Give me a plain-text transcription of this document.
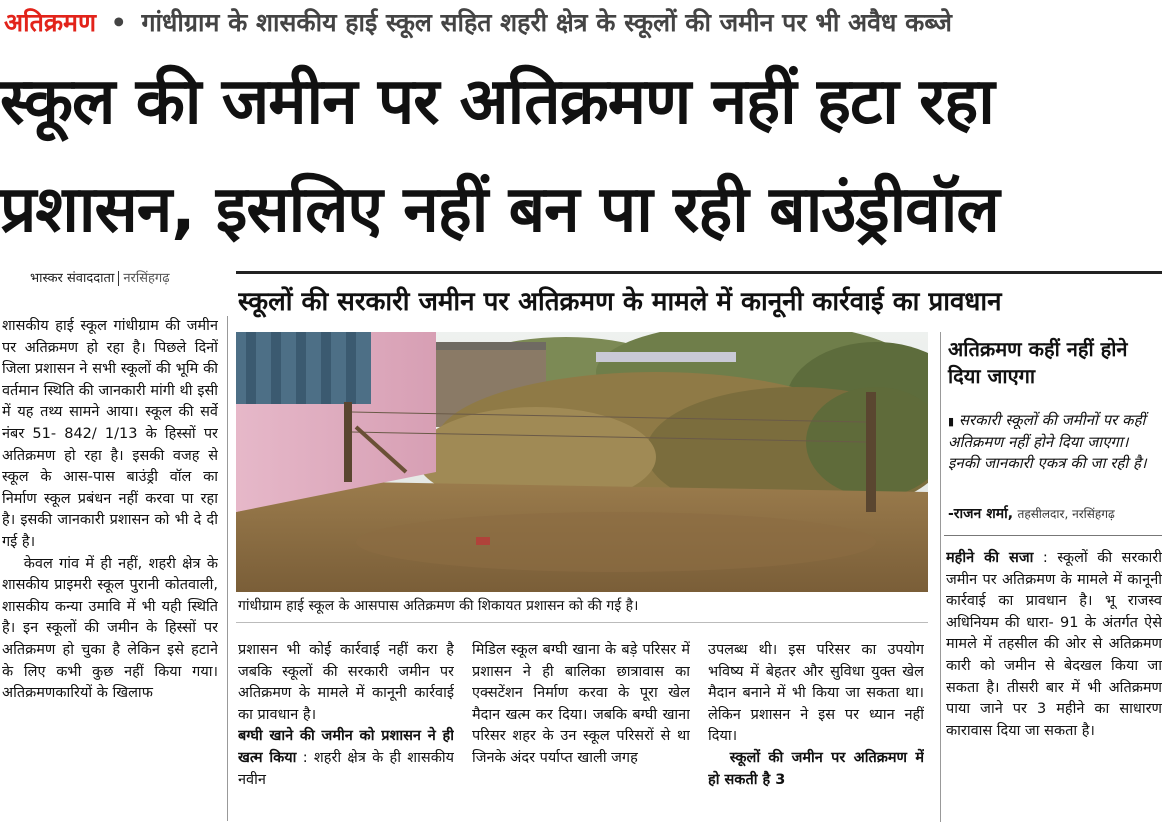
अतिक्रमण • गांधीग्राम के शासकीय हाई स्कूल सहित शहरी क्षेत्र के स्कूलों की जमीन पर भी अवैध कब्जे
स्कूल की जमीन पर अतिक्रमण नहीं हटा रहा
प्रशासन, इसलिए नहीं बन पा रही बाउंड्रीवॉल
भास्कर संवाददाता नरसिंहगढ़
स्कूलों की सरकारी जमीन पर अतिक्रमण के मामले में कानूनी कार्रवाई का प्रावधान

शासकीय हाई स्कूल गांधीग्राम की जमीन पर अतिक्रमण हो रहा है। पिछले दिनों जिला प्रशासन ने सभी स्कूलों की भूमि की वर्तमान स्थिति की जानकारी मांगी थी इसी में यह तथ्य सामने आया। स्कूल की सर्वे नंबर 51- 842/ 1/13 के हिस्सों पर अतिक्रमण हो रहा है। इसकी वजह से स्कूल के आस-पास बाउंड्री वॉल का निर्माण स्कूल प्रबंधन नहीं करवा पा रहा है। इसकी जानकारी प्रशासन को भी दे दी गई है।

केवल गांव में ही नहीं, शहरी क्षेत्र के शासकीय प्राइमरी स्कूल पुरानी कोतवाली, शासकीय कन्या उमावि में भी यही स्थिति है। इन स्कूलों की जमीन के हिस्सों पर अतिक्रमण हो चुका है लेकिन इसे हटाने के लिए कभी कुछ नहीं किया गया। अतिक्रमणकारियों के खिलाफ

गांधीग्राम हाई स्कूल के आसपास अतिक्रमण की शिकायत प्रशासन को की गई है।

प्रशासन भी कोई कार्रवाई नहीं करा है जबकि स्कूलों की सरकारी जमीन पर अतिक्रमण के मामले में कानूनी कार्रवाई का प्रावधान है।

बग्घी खाने की जमीन को प्रशासन ने ही खत्म किया : शहरी क्षेत्र के ही शासकीय नवीन

मिडिल स्कूल बग्घी खाना के बड़े परिसर में प्रशासन ने ही बालिका छात्रावास का एक्सटेंशन निर्माण करवा के पूरा खेल मैदान खत्म कर दिया। जबकि बग्घी खाना परिसर शहर के उन स्कूल परिसरों से था जिनके अंदर पर्याप्त खाली जगह

उपलब्ध थी। इस परिसर का उपयोग भविष्य में बेहतर और सुविधा युक्त खेल मैदान बनाने में भी किया जा सकता था। लेकिन प्रशासन ने इस पर ध्यान नहीं दिया।

स्कूलों की जमीन पर अतिक्रमण में हो सकती है 3

अतिक्रमण कहीं नहीं होने दिया जाएगा
▮ सरकारी स्कूलों की जमीनों पर कहीं अतिक्रमण नहीं होने दिया जाएगा। इनकी जानकारी एकत्र की जा रही है।
-राजन शर्मा, तहसीलदार, नरसिंहगढ़

महीने की सजा : स्कूलों की सरकारी जमीन पर अतिक्रमण के मामले में कानूनी कार्रवाई का प्रावधान है। भू राजस्व अधिनियम की धारा- 91 के अंतर्गत ऐसे मामले में तहसील की ओर से अतिक्रमण कारी को जमीन से बेदखल किया जा सकता है। तीसरी बार में भी अतिक्रमण पाया जाने पर 3 महीने का साधारण कारावास दिया जा सकता है।
